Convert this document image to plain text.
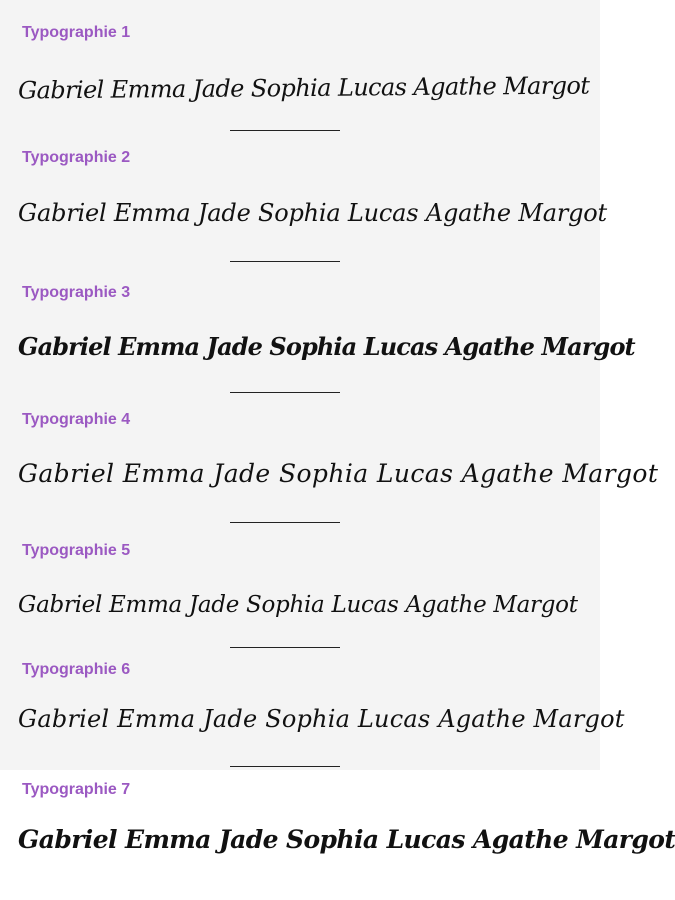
Typographie 1
Gabriel Emma Jade Sophia Lucas Agathe Margot
Typographie 2
Gabriel Emma Jade Sophia Lucas Agathe Margot
Typographie 3
Gabriel Emma Jade Sophia Lucas Agathe Margot
Typographie 4
Gabriel Emma Jade Sophia Lucas Agathe Margot
Typographie 5
Gabriel Emma Jade Sophia Lucas Agathe Margot
Typographie 6
Gabriel Emma Jade Sophia Lucas Agathe Margot
Typographie 7
Gabriel Emma Jade Sophia Lucas Agathe Margot
